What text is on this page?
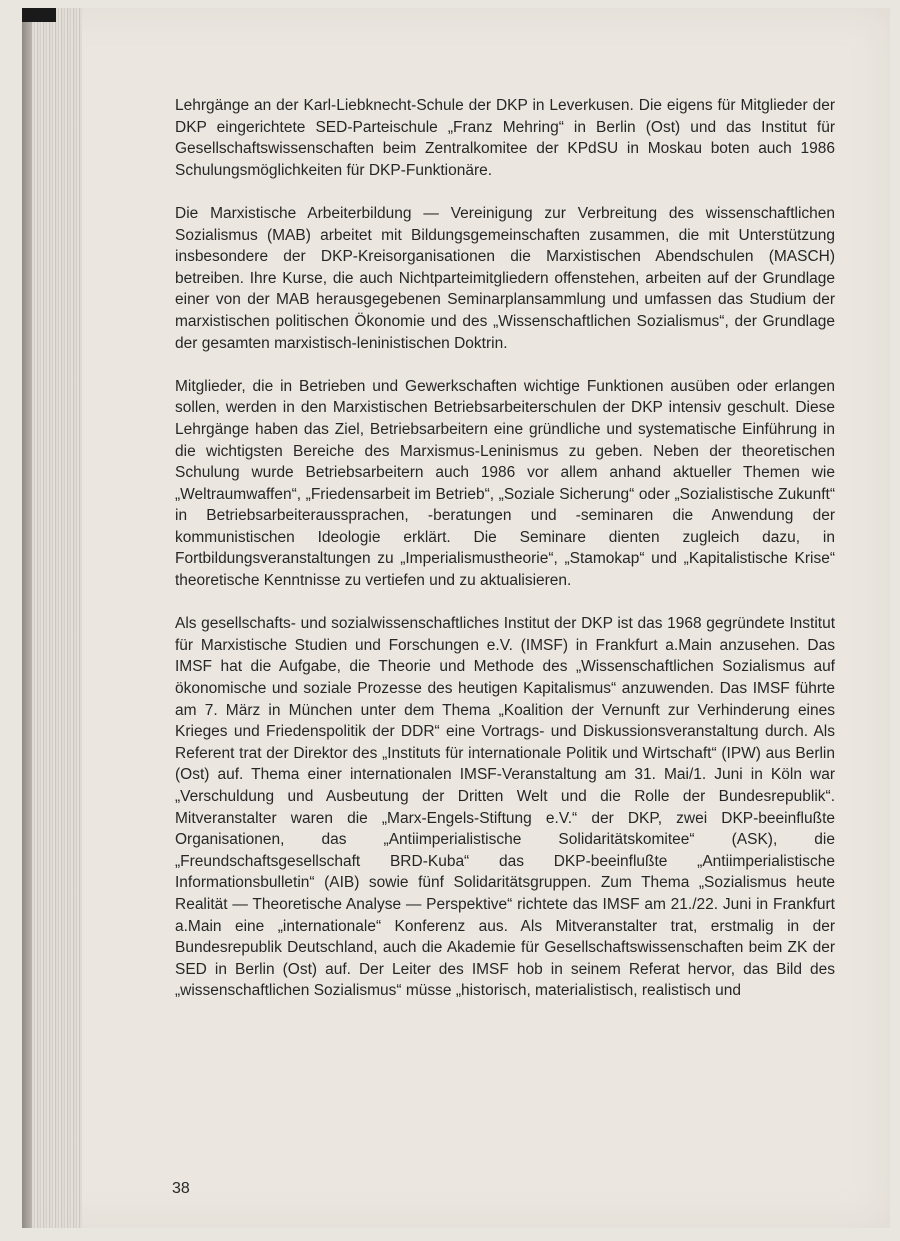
Lehrgänge an der Karl-Liebknecht-Schule der DKP in Leverkusen. Die eigens für Mitglieder der DKP eingerichtete SED-Parteischule „Franz Mehring“ in Berlin (Ost) und das Institut für Gesellschaftswissenschaften beim Zentralkomitee der KPdSU in Moskau boten auch 1986 Schulungsmöglichkeiten für DKP-Funktionäre.

Die Marxistische Arbeiterbildung — Vereinigung zur Verbreitung des wissenschaftlichen Sozialismus (MAB) arbeitet mit Bildungsgemeinschaften zusammen, die mit Unterstützung insbesondere der DKP-Kreisorganisationen die Marxistischen Abendschulen (MASCH) betreiben. Ihre Kurse, die auch Nichtparteimitgliedern offenstehen, arbeiten auf der Grundlage einer von der MAB herausgegebenen Seminarplansammlung und umfassen das Studium der marxistischen politischen Ökonomie und des „Wissenschaftlichen Sozialismus“, der Grundlage der gesamten marxistisch-leninistischen Doktrin.

Mitglieder, die in Betrieben und Gewerkschaften wichtige Funktionen ausüben oder erlangen sollen, werden in den Marxistischen Betriebsarbeiterschulen der DKP intensiv geschult. Diese Lehrgänge haben das Ziel, Betriebsarbeitern eine gründliche und systematische Einführung in die wichtigsten Bereiche des Marxismus-Leninismus zu geben. Neben der theoretischen Schulung wurde Betriebsarbeitern auch 1986 vor allem anhand aktueller Themen wie „Weltraumwaffen“, „Friedensarbeit im Betrieb“, „Soziale Sicherung“ oder „Sozialistische Zukunft“ in Betriebsarbeiteraussprachen, -beratungen und -seminaren die Anwendung der kommunistischen Ideologie erklärt. Die Seminare dienten zugleich dazu, in Fortbildungsveranstaltungen zu „Imperialismustheorie“, „Stamokap“ und „Kapitalistische Krise“ theoretische Kenntnisse zu vertiefen und zu aktualisieren.

Als gesellschafts- und sozialwissenschaftliches Institut der DKP ist das 1968 gegründete Institut für Marxistische Studien und Forschungen e.V. (IMSF) in Frankfurt a.Main anzusehen. Das IMSF hat die Aufgabe, die Theorie und Methode des „Wissenschaftlichen Sozialismus auf ökonomische und soziale Prozesse des heutigen Kapitalismus“ anzuwenden. Das IMSF führte am 7. März in München unter dem Thema „Koalition der Vernunft zur Verhinderung eines Krieges und Friedenspolitik der DDR“ eine Vortrags- und Diskussionsveranstaltung durch. Als Referent trat der Direktor des „Instituts für internationale Politik und Wirtschaft“ (IPW) aus Berlin (Ost) auf. Thema einer internationalen IMSF-Veranstaltung am 31. Mai/1. Juni in Köln war „Verschuldung und Ausbeutung der Dritten Welt und die Rolle der Bundesrepublik“. Mitveranstalter waren die „Marx-Engels-Stiftung e.V.“ der DKP, zwei DKP-beeinflußte Organisationen, das „Antiimperialistische Solidaritätskomitee“ (ASK), die „Freundschaftsgesellschaft BRD-Kuba“ das DKP-beeinflußte „Antiimperialistische Informationsbulletin“ (AIB) sowie fünf Solidaritätsgruppen. Zum Thema „Sozialismus heute Realität — Theoretische Analyse — Perspektive“ richtete das IMSF am 21./22. Juni in Frankfurt a.Main eine „internationale“ Konferenz aus. Als Mitveranstalter trat, erstmalig in der Bundesrepublik Deutschland, auch die Akademie für Gesellschaftswissenschaften beim ZK der SED in Berlin (Ost) auf. Der Leiter des IMSF hob in seinem Referat hervor, das Bild des „wissenschaftlichen Sozialismus“ müsse „historisch, materialistisch, realistisch und

38
